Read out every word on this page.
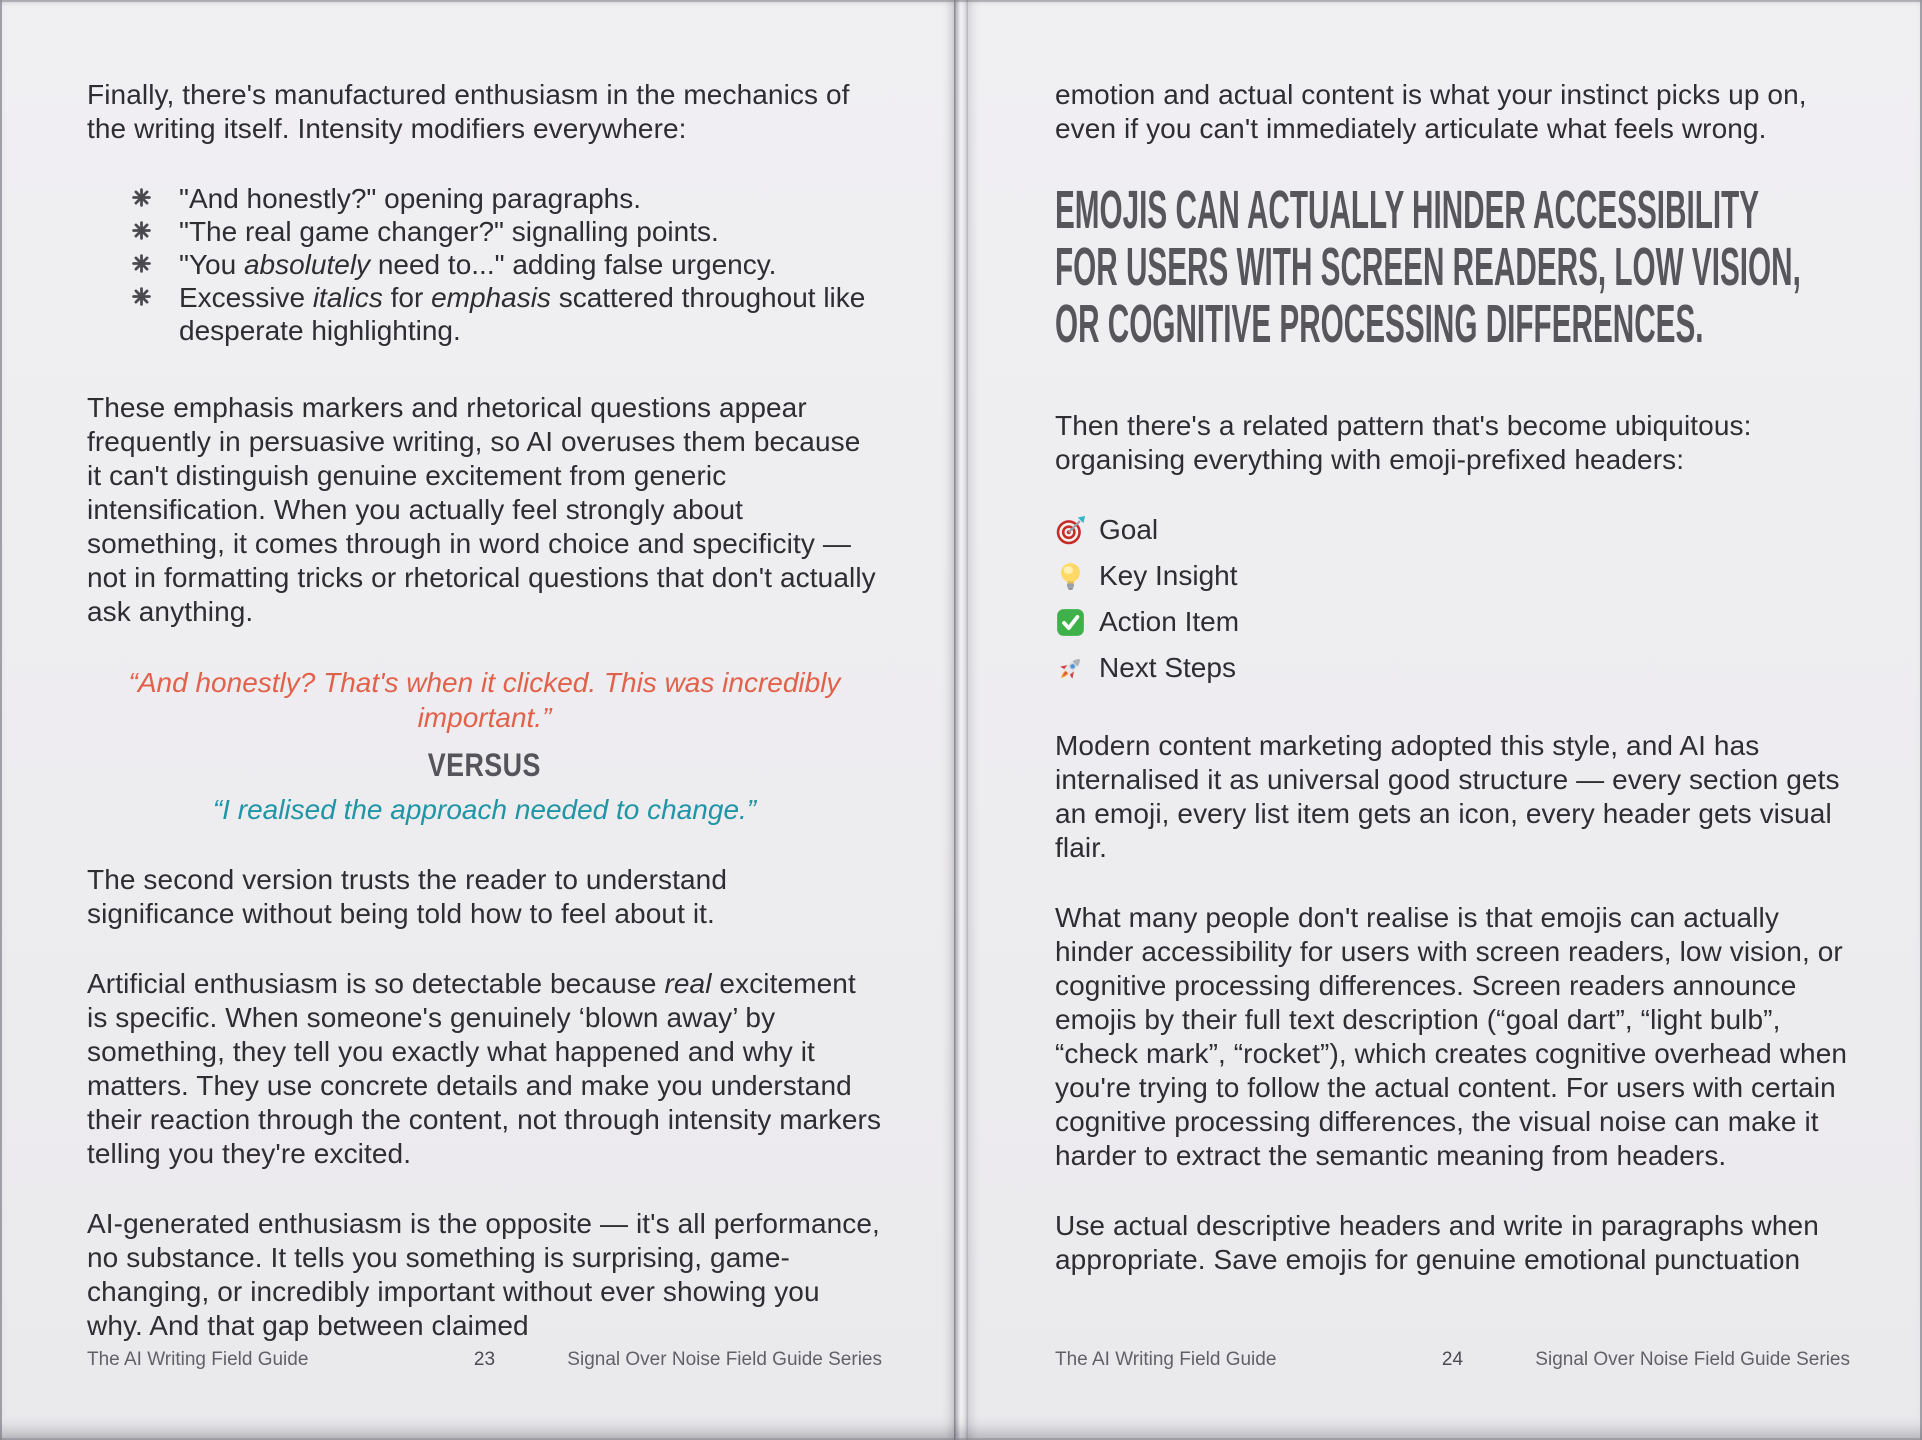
Finally, there's manufactured enthusiasm in the mechanics of the writing itself. Intensity modifiers everywhere:

"And honestly?" opening paragraphs.
"The real game changer?" signalling points.
"You absolutely need to..." adding false urgency.
Excessive italics for emphasis scattered throughout like desperate highlighting.

These emphasis markers and rhetorical questions appear frequently in persuasive writing, so AI overuses them because it can't distinguish genuine excitement from generic intensification. When you actually feel strongly about something, it comes through in word choice and specificity — not in formatting tricks or rhetorical questions that don't actually ask anything.

“And honestly? That's when it clicked. This was incredibly important.”
VERSUS
“I realised the approach needed to change.”

The second version trusts the reader to understand significance without being told how to feel about it.

Artificial enthusiasm is so detectable because real excitement is specific. When someone's genuinely ‘blown away’ by something, they tell you exactly what happened and why it matters. They use concrete details and make you understand their reaction through the content, not through intensity markers telling you they're excited.

AI-generated enthusiasm is the opposite — it's all performance, no substance. It tells you something is surprising, game-changing, or incredibly important without ever showing you why. And that gap between claimed

The AI Writing Field Guide	23	Signal Over Noise Field Guide Series

emotion and actual content is what your instinct picks up on, even if you can't immediately articulate what feels wrong.

EMOJIS CAN ACTUALLY HINDER ACCESSIBILITY
FOR USERS WITH SCREEN READERS, LOW VISION,
OR COGNITIVE PROCESSING DIFFERENCES.

Then there's a related pattern that's become ubiquitous: organising everything with emoji-prefixed headers:

Goal
Key Insight
Action Item
Next Steps

Modern content marketing adopted this style, and AI has internalised it as universal good structure — every section gets an emoji, every list item gets an icon, every header gets visual flair.

What many people don't realise is that emojis can actually hinder accessibility for users with screen readers, low vision, or cognitive processing differences. Screen readers announce emojis by their full text description (“goal dart”, “light bulb”, “check mark”, “rocket”), which creates cognitive overhead when you're trying to follow the actual content. For users with certain cognitive processing differences, the visual noise can make it harder to extract the semantic meaning from headers.

Use actual descriptive headers and write in paragraphs when appropriate. Save emojis for genuine emotional punctuation

The AI Writing Field Guide	24	Signal Over Noise Field Guide Series
